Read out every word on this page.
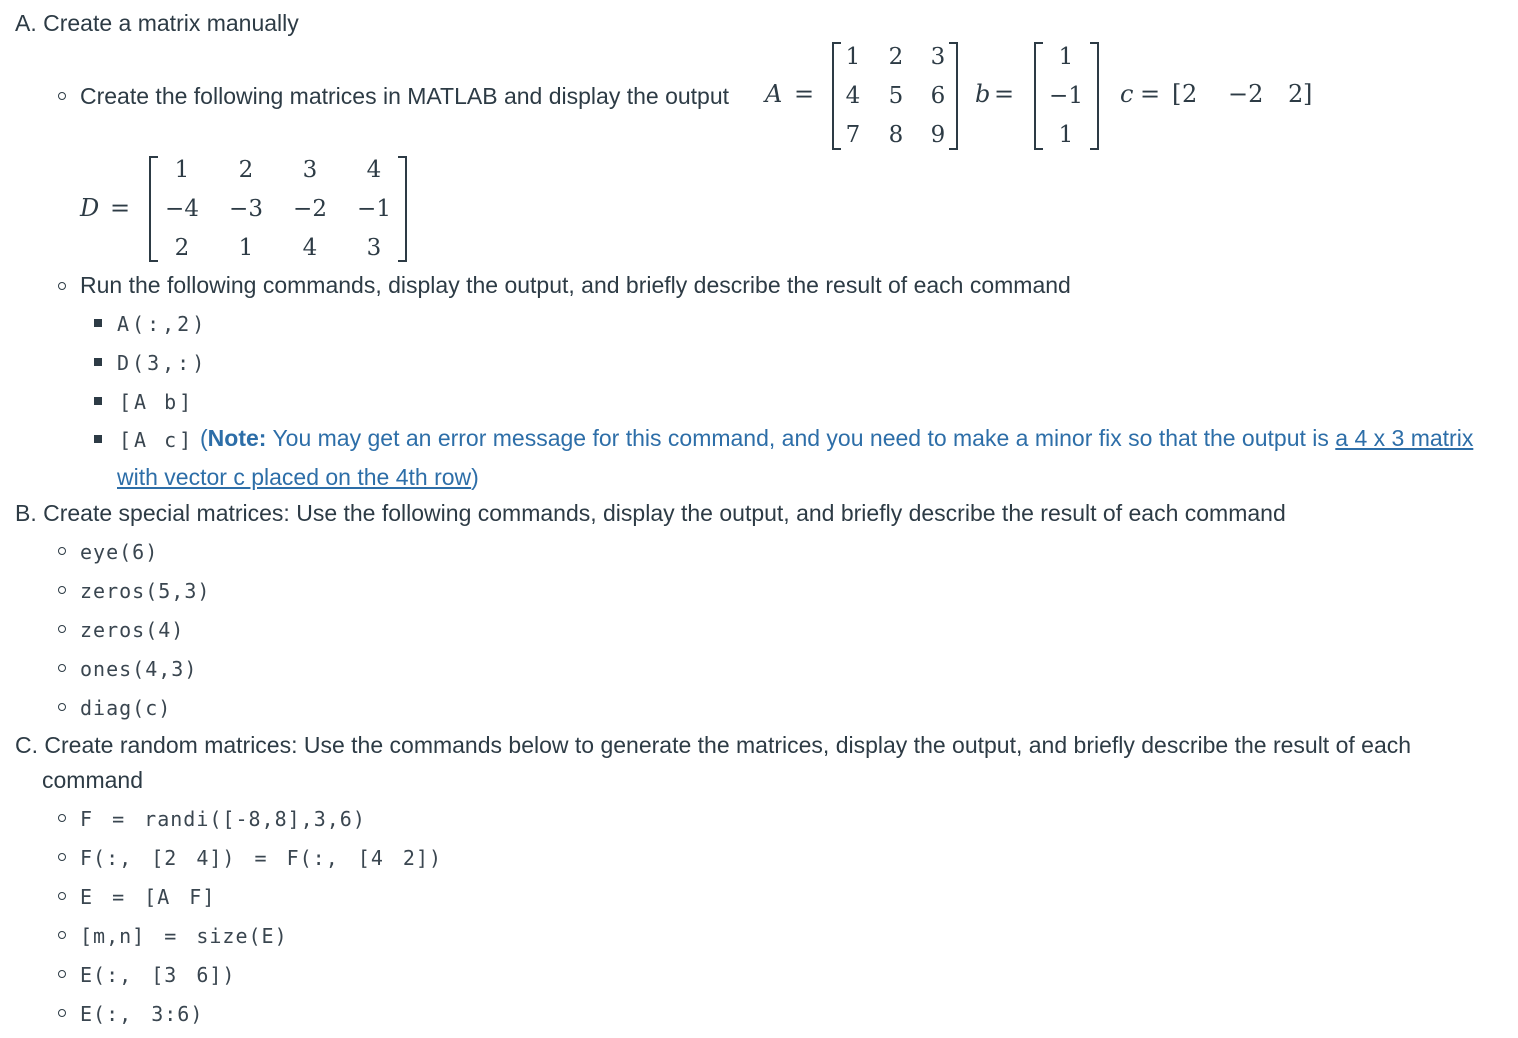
A. Create a matrix manually
Create the following matrices in MATLAB and display the output A =
1	2	3
4	5	6
7	8	9
b =
1
−1
1
c = [ 2 −2 2 ]
D =
1	2	3	4
−4 −3 −2 −1
2	1	4	3
Run the following commands, display the output, and briefly describe the result of each command
A(:,2)
D(3,:)
[A b]
[A c] (Note: You may get an error message for this command, and you need to make a minor fix so that the output is a 4 x 3 matrix
with vector c placed on the 4th row)
B. Create special matrices: Use the following commands, display the output, and briefly describe the result of each command
eye(6)
zeros(5,3)
zeros(4)
ones(4,3)
diag(c)
C. Create random matrices: Use the commands below to generate the matrices, display the output, and briefly describe the result of each
command
F = randi([-8,8],3,6)
F(:, [2 4]) = F(:, [4 2])
E = [A F]
[m,n] = size(E)
E(:, [3 6])
E(:, 3:6)
